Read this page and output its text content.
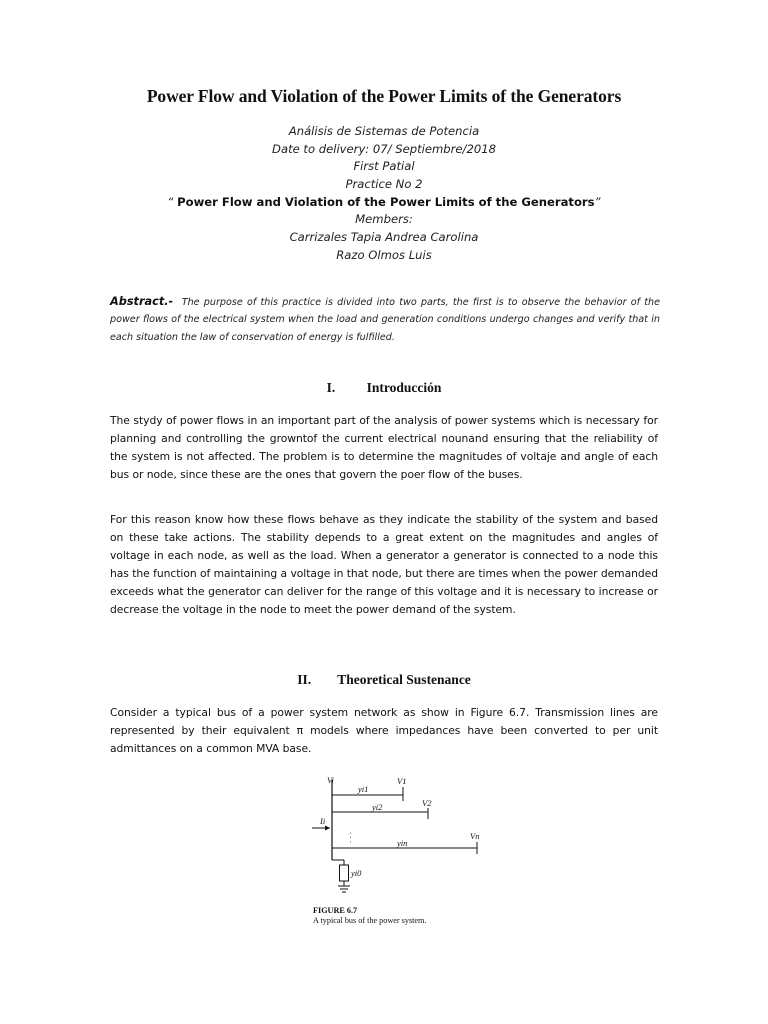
Power Flow and Violation of the Power Limits of the Generators
Análisis de Sistemas de Potencia
Date to delivery: 07/ Septiembre/2018
First Patial
Practice No 2
“ Power Flow and Violation of the Power Limits of the Generators”
Members:
Carrizales Tapia Andrea Carolina
Razo Olmos Luis
Abstract.- The purpose of this practice is divided into two parts, the first is to observe the behavior of the power flows of the electrical system when the load and generation conditions undergo changes and verify that in each situation the law of conservation of energy is fulfilled.
I. Introducción
The stydy of power flows in an important part of the analysis of power systems which is necessary for planning and controlling the growntof the current electrical nounand ensuring that the reliability of the system is not affected. The problem is to determine the magnitudes of voltaje and angle of each bus or node, since these are the ones that govern the poer flow of the buses.
For this reason know how these flows behave as they indicate the stability of the system and based on these take actions. The stability depends to a great extent on the magnitudes and angles of voltage in each node, as well as the load. When a generator a generator is connected to a node this has the function of maintaining a voltage in that node, but there are times when the power demanded exceeds what the generator can deliver for the range of this voltage and it is necessary to increase or decrease the voltage in the node to meet the power demand of the system.
II. Theoretical Sustenance
Consider a typical bus of a power system network as show in Figure 6.7. Transmission lines are represented by their equivalent π models where impedances have been converted to per unit admittances on a common MVA base.
Vi	V1
yi1
V2
yi2
Ii
yin
Vn
yi0
· · ·
FIGURE 6.7
A typical bus of the power system.
